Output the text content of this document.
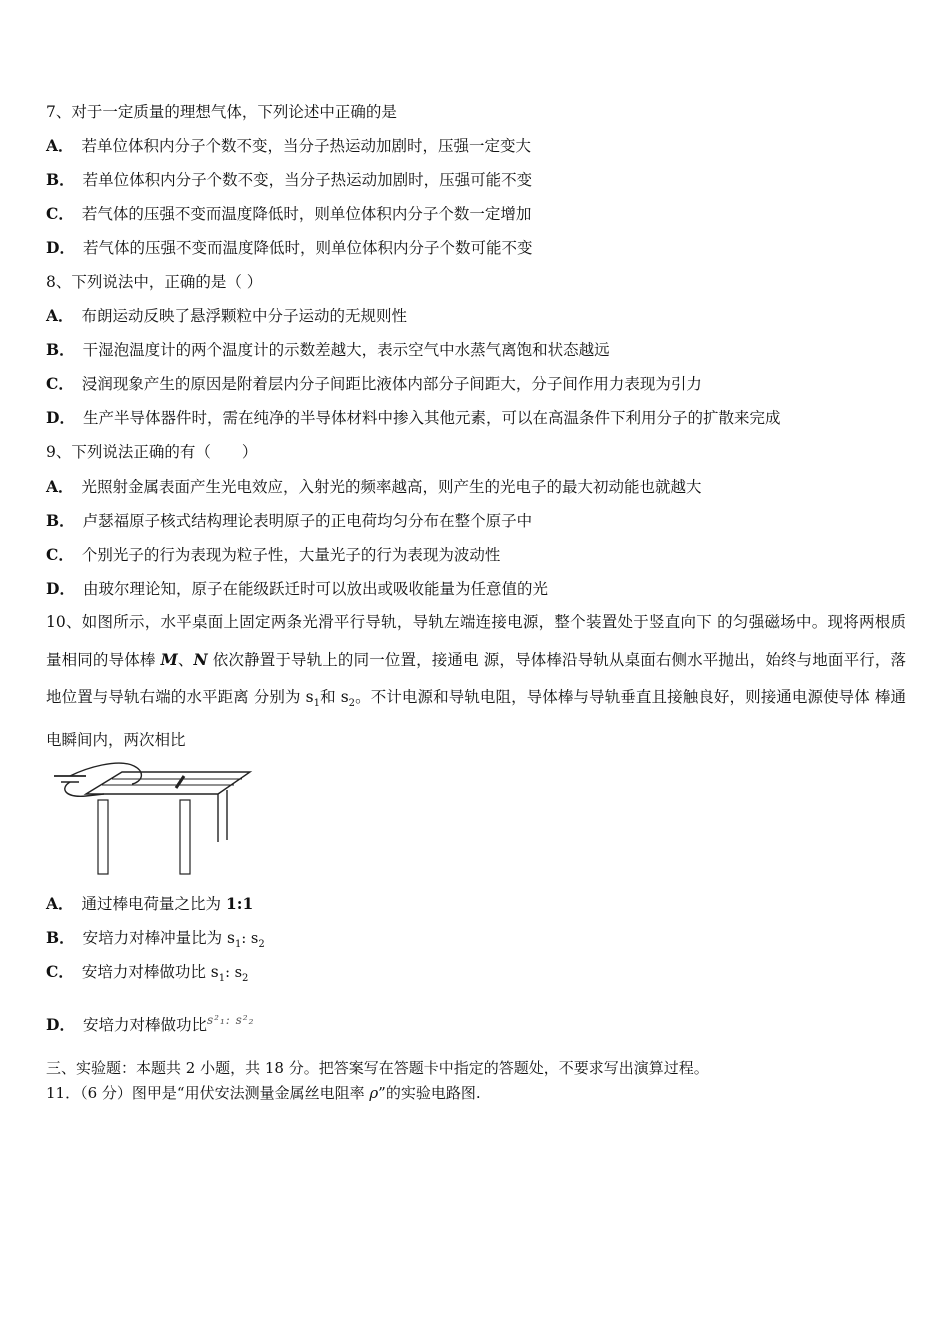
7、对于一定质量的理想气体，下列论述中正确的是
A． 若单位体积内分子个数不变，当分子热运动加剧时，压强一定变大
B． 若单位体积内分子个数不变，当分子热运动加剧时，压强可能不变
C． 若气体的压强不变而温度降低时，则单位体积内分子个数一定增加
D． 若气体的压强不变而温度降低时，则单位体积内分子个数可能不变
8、下列说法中，正确的是（ ）
A． 布朗运动反映了悬浮颗粒中分子运动的无规则性
B． 干湿泡温度计的两个温度计的示数差越大，表示空气中水蒸气离饱和状态越远
C． 浸润现象产生的原因是附着层内分子间距比液体内部分子间距大，分子间作用力表现为引力
D． 生产半导体器件时，需在纯净的半导体材料中掺入其他元素，可以在高温条件下利用分子的扩散来完成
9、下列说法正确的有（　　）
A． 光照射金属表面产生光电效应，入射光的频率越高，则产生的光电子的最大初动能也就越大
B． 卢瑟福原子核式结构理论表明原子的正电荷均匀分布在整个原子中
C． 个别光子的行为表现为粒子性，大量光子的行为表现为波动性
D． 由玻尔理论知，原子在能级跃迁时可以放出或吸收能量为任意值的光
10、如图所示，水平桌面上固定两条光滑平行导轨，导轨左端连接电源，整个装置处于竖直向下 的匀强磁场中。现将两根质量相同的导体棒 M、N 依次静置于导轨上的同一位置，接通电 源，导体棒沿导轨从桌面右侧水平抛出，始终与地面平行，落地位置与导轨右端的水平距离 分别为 $s_1$和 $s_2$。不计电源和导轨电阻，导体棒与导轨垂直且接触良好，则接通电源使导体 棒通电瞬间内，两次相比
A． 通过棒电荷量之比为 1:1
B． 安培力对棒冲量比为 $s_1$: $s_2$
C． 安培力对棒做功比 $s_1$: $s_2$
D． 安培力对棒做功比$^{s^2_1: s^2_2}$
三、实验题：本题共 2 小题，共 18 分。把答案写在答题卡中指定的答题处，不要求写出演算过程。
11．（6 分）图甲是“用伏安法测量金属丝电阻率 ρ”的实验电路图.
